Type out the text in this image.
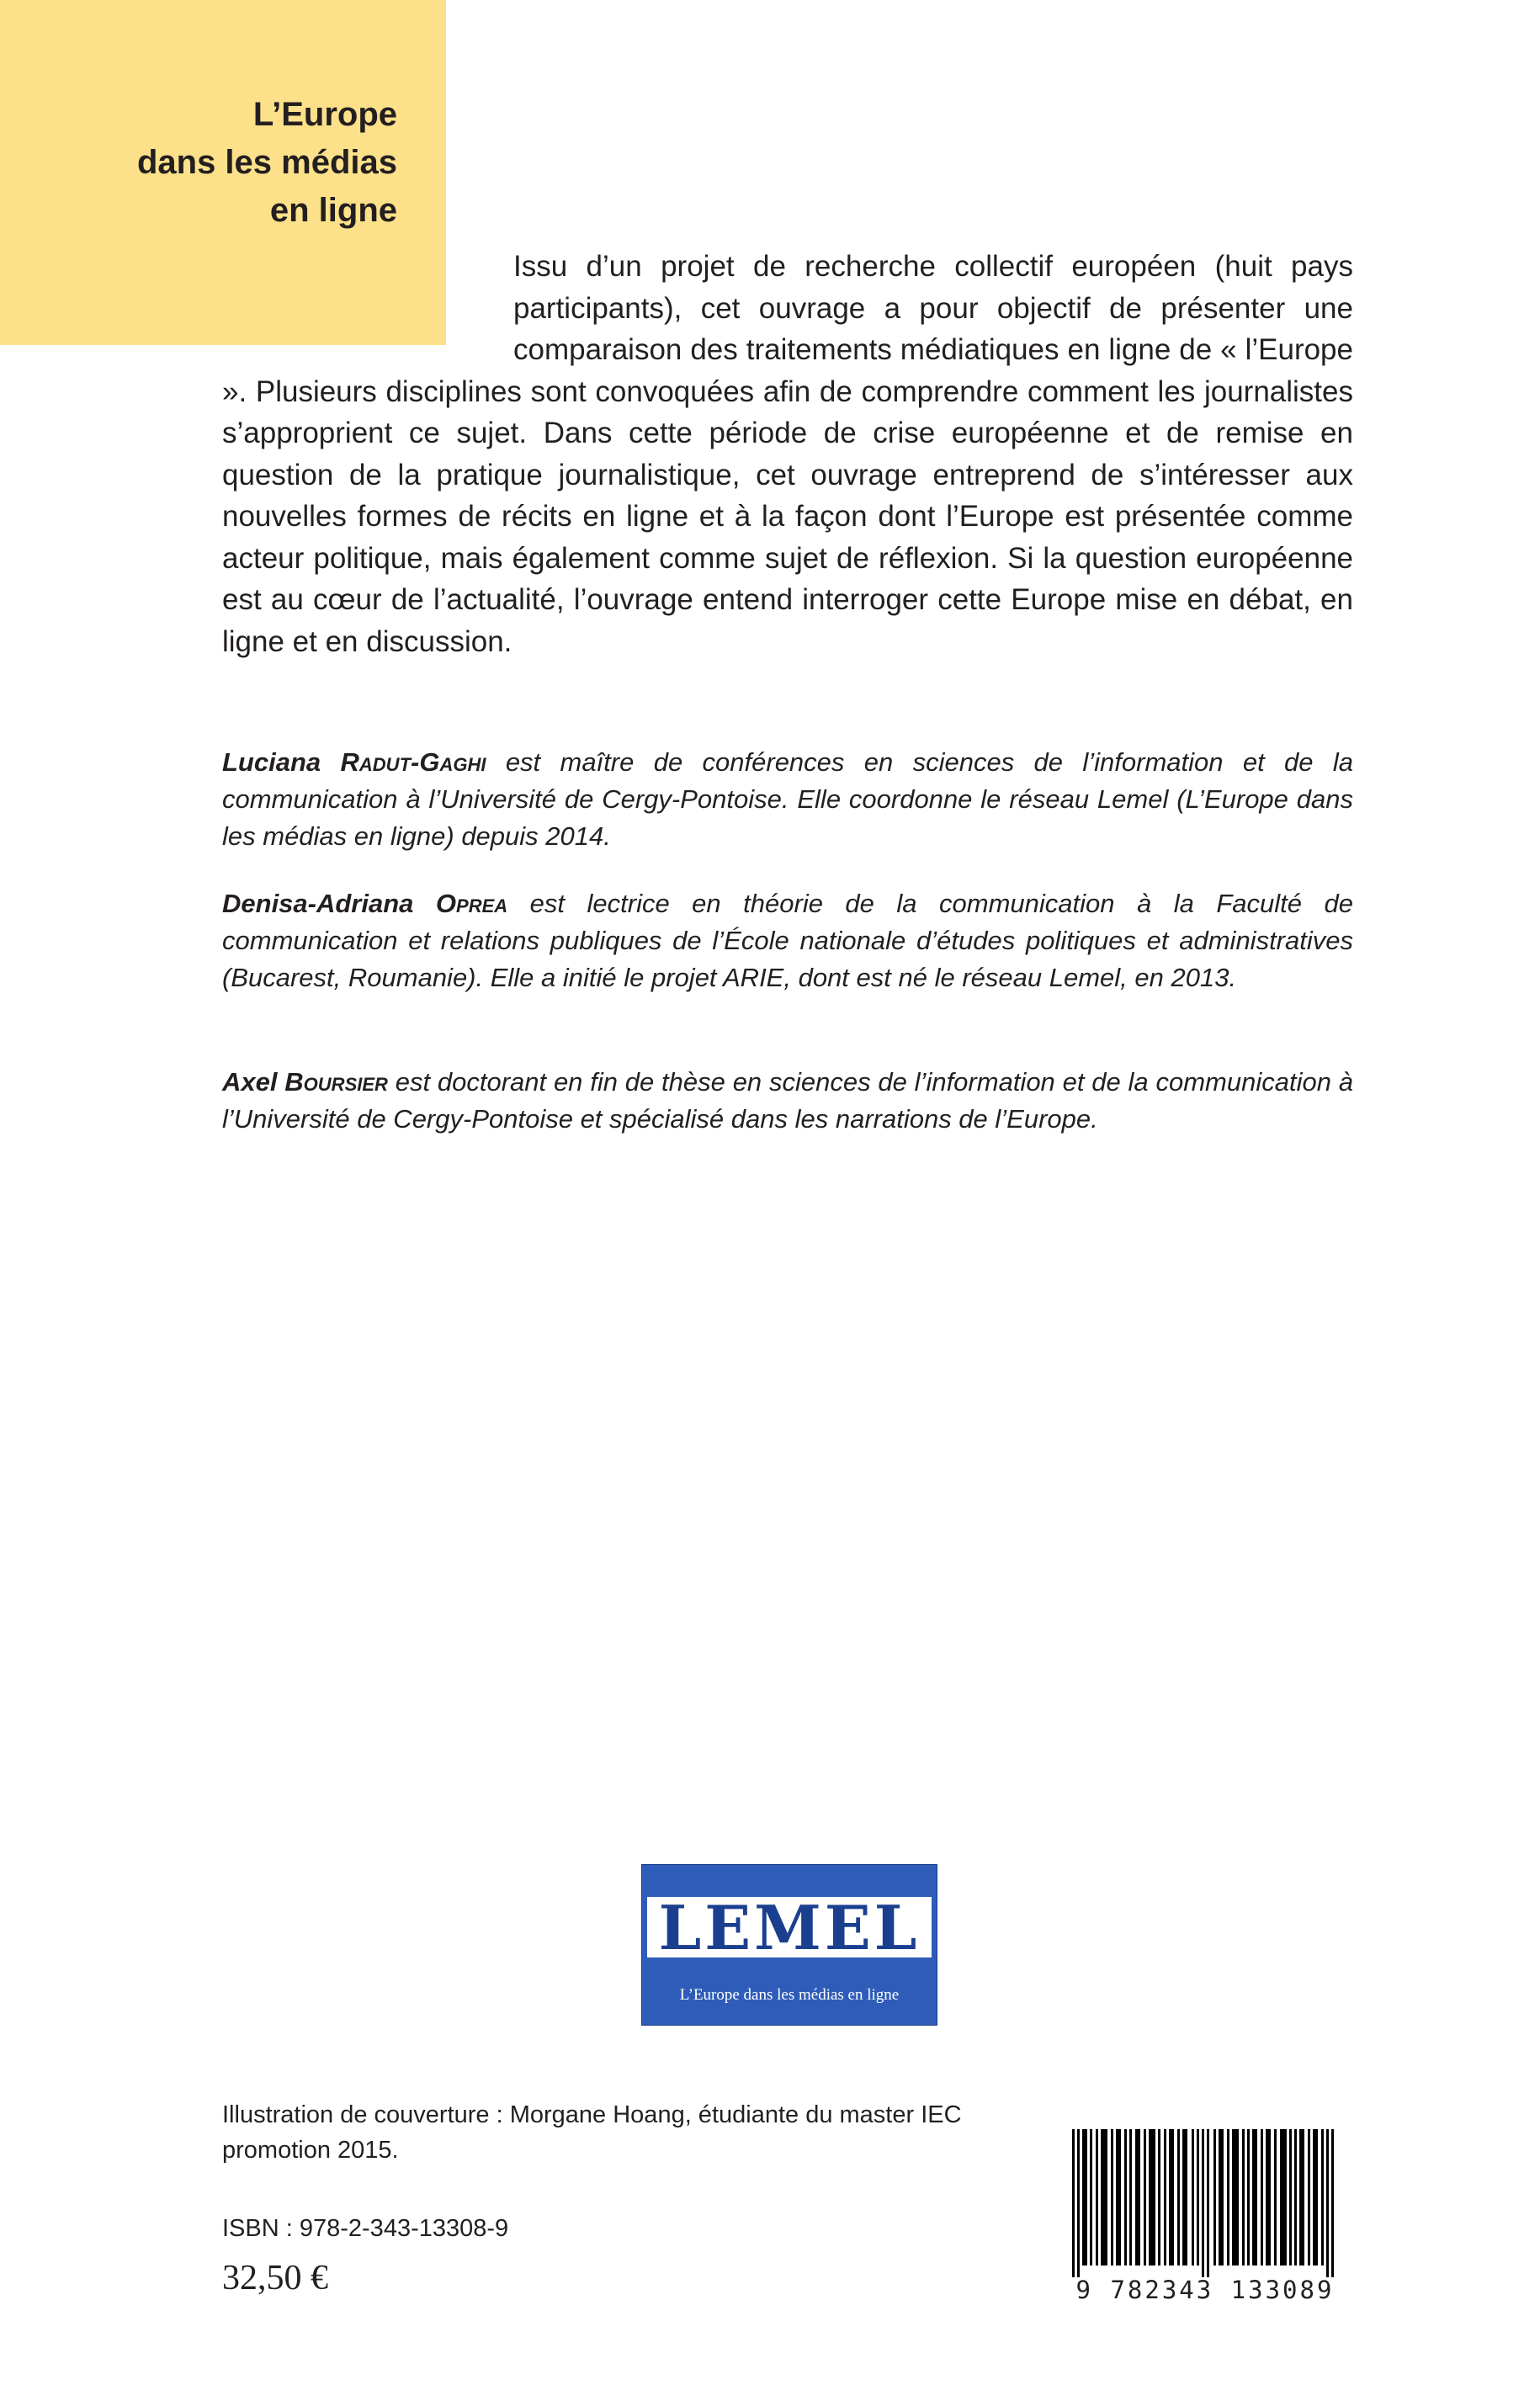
L’Europe
dans les médias
en ligne

Issu d’un projet de recherche collectif européen (huit pays participants), cet ouvrage a pour objectif de présenter une comparaison des traitements médiatiques en ligne de « l’Europe ». Plusieurs disciplines sont convoquées afin de comprendre comment les journalistes s’approprient ce sujet. Dans cette période de crise européenne et de remise en question de la pratique journalistique, cet ouvrage entreprend de s’intéresser aux nouvelles formes de récits en ligne et à la façon dont l’Europe est présentée comme acteur politique, mais également comme sujet de réflexion. Si la question européenne est au cœur de l’actualité, l’ouvrage entend interroger cette Europe mise en débat, en ligne et en discussion.

Luciana Radut-Gaghi est maître de conférences en sciences de l’information et de la communication à l’Université de Cergy-Pontoise. Elle coordonne le réseau Lemel (L’Europe dans les médias en ligne) depuis 2014.

Denisa-Adriana Oprea est lectrice en théorie de la communication à la Faculté de communication et relations publiques de l’École nationale d’études politiques et administratives (Bucarest, Roumanie). Elle a initié le projet ARIE, dont est né le réseau Lemel, en 2013.

Axel Boursier est doctorant en fin de thèse en sciences de l’information et de la communication à l’Université de Cergy-Pontoise et spécialisé dans les narrations de l’Europe.

LEMEL
L’Europe dans les médias en ligne

Illustration de couverture : Morgane Hoang, étudiante du master IEC promotion 2015.

ISBN : 978-2-343-13308-9
32,50 €	9 782343 133089
